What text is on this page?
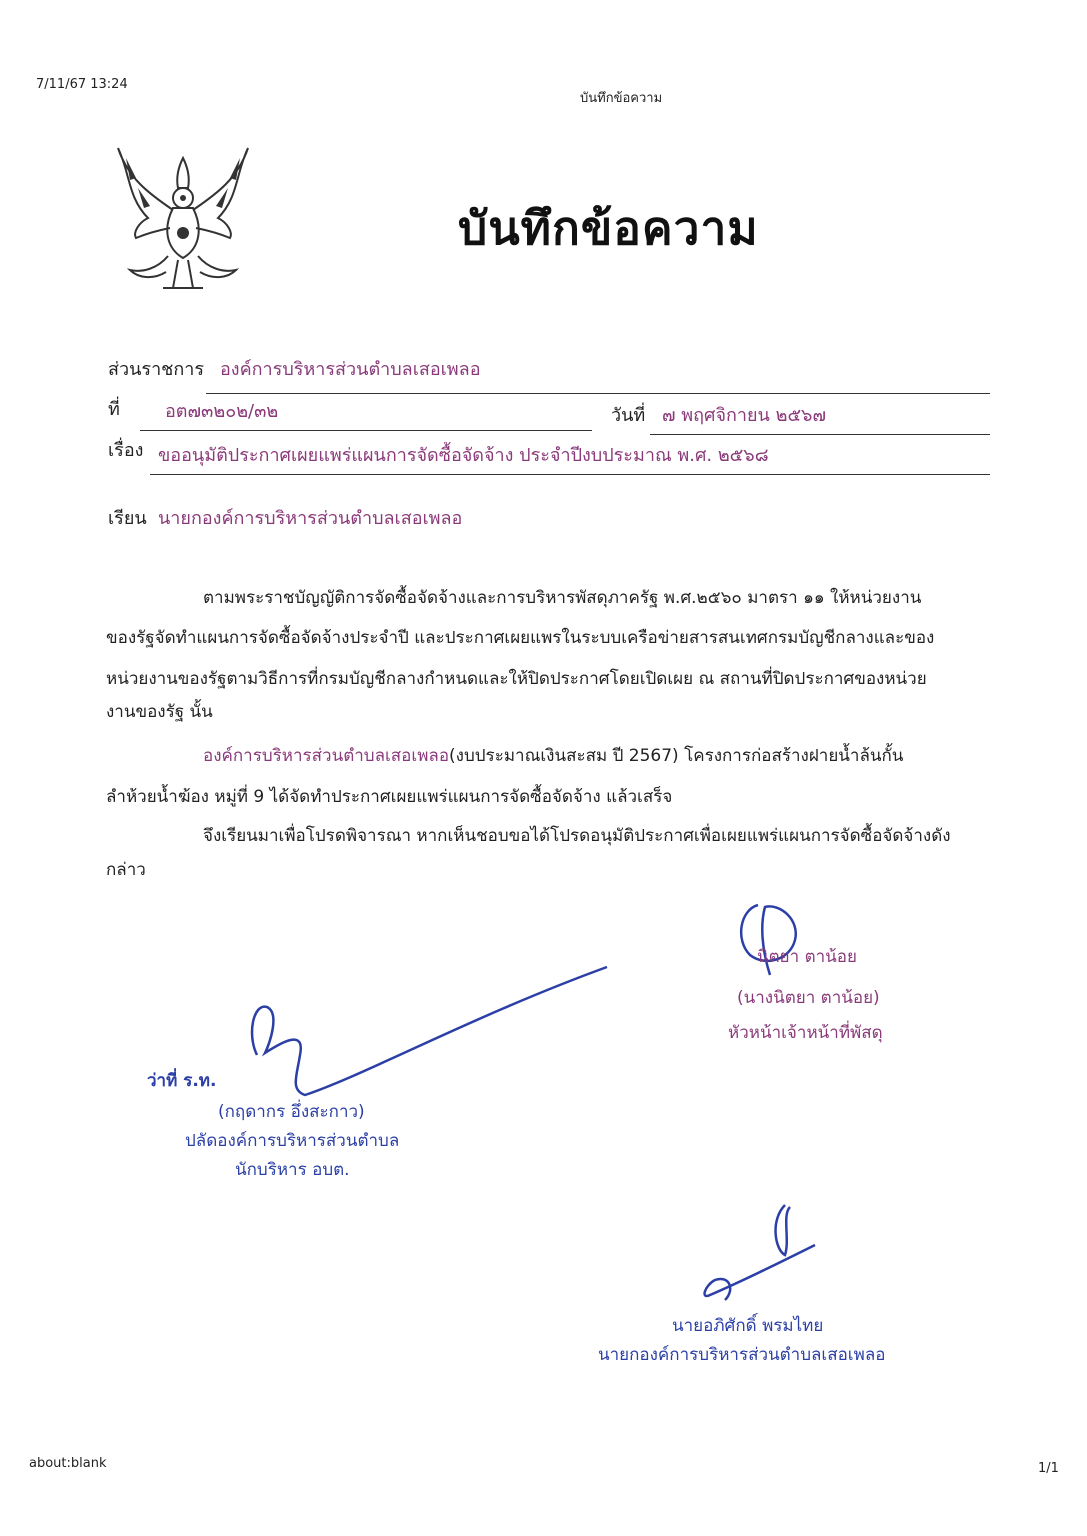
7/11/67 13:24
บันทึกข้อความ
บันทึกข้อความ
ส่วนราชการ องค์การบริหารส่วนตำบลเสอเพลอ
ที่	อต๗๓๒๐๒/๓๒	วันที่ ๗ พฤศจิกายน ๒๕๖๗
เรื่อง ขออนุมัติประกาศเผยแพร่แผนการจัดซื้อจัดจ้าง ประจำปีงบประมาณ พ.ศ. ๒๕๖๘
เรียน นายกองค์การบริหารส่วนตำบลเสอเพลอ
ตามพระราชบัญญัติการจัดซื้อจัดจ้างและการบริหารพัสดุภาครัฐ พ.ศ.๒๕๖๐ มาตรา ๑๑ ให้หน่วยงาน
ของรัฐจัดทำแผนการจัดซื้อจัดจ้างประจำปี และประกาศเผยแพรในระบบเครือข่ายสารสนเทศกรมบัญชีกลางและของ
หน่วยงานของรัฐตามวิธีการที่กรมบัญชีกลางกำหนดและให้ปิดประกาศโดยเปิดเผย ณ สถานที่ปิดประกาศของหน่วย
งานของรัฐ นั้น
องค์การบริหารส่วนตำบลเสอเพลอ(งบประมาณเงินสะสม ปี 2567) โครงการก่อสร้างฝายน้ำล้นกั้น
ลำห้วยน้ำฆ้อง หมู่ที่ 9 ได้จัดทำประกาศเผยแพร่แผนการจัดซื้อจัดจ้าง แล้วเสร็จ
จึงเรียนมาเพื่อโปรดพิจารณา หากเห็นชอบขอได้โปรดอนุมัติประกาศเพื่อเผยแพร่แผนการจัดซื้อจัดจ้างดัง
กล่าว
นิตยา ตาน้อย
(นางนิตยา ตาน้อย)
หัวหน้าเจ้าหน้าที่พัสดุ
ว่าที่ ร.ท.
(กฤดากร อึ่งสะกาว)
ปลัดองค์การบริหารส่วนตำบล
นักบริหาร อบต.
นายอภิศักดิ์ พรมไทย
นายกองค์การบริหารส่วนตำบลเสอเพลอ
about:blank	1/1
